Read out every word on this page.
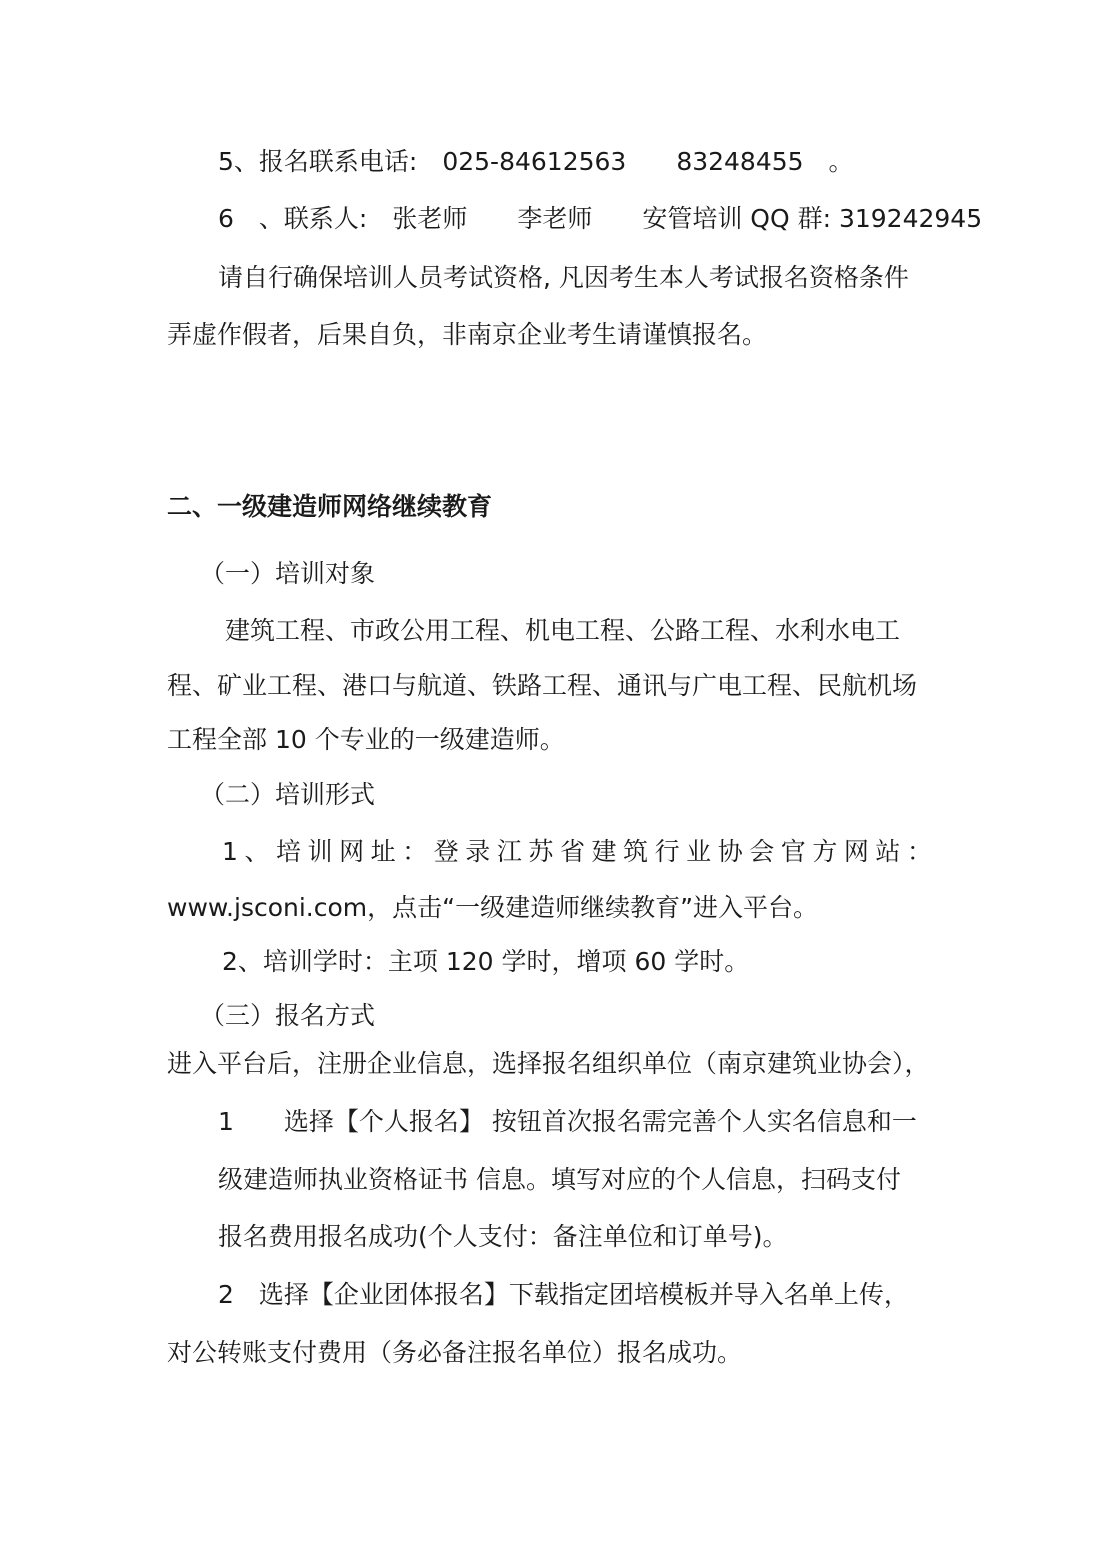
5、报名联系电话:　025-84612563　　83248455　。
6　、联系人:　张老师　　李老师　　安管培训 QQ 群: 319242945
请自行确保培训人员考试资格, 凡因考生本人考试报名资格条件
弄虚作假者，后果自负，非南京企业考生请谨慎报名。
二、一级建造师网络继续教育
（一）培训对象
建筑工程、市政公用工程、机电工程、公路工程、水利水电工
程、矿业工程、港口与航道、铁路工程、通讯与广电工程、民航机场
工程全部 10 个专业的一级建造师。
（二）培训形式
1、培训网址：登录江苏省建筑行业协会官方网站：
www.jsconi.com，点击“一级建造师继续教育”进入平台。
2、培训学时：主项 120 学时，增项 60 学时。
（三）报名方式
进入平台后，注册企业信息，选择报名组织单位（南京建筑业协会），
1　　选择【个人报名】 按钮首次报名需完善个人实名信息和一
级建造师执业资格证书 信息。填写对应的个人信息，扫码支付
报名费用报名成功(个人支付：备注单位和订单号)。
2　选择【企业团体报名】下载指定团培模板并导入名单上传，
对公转账支付费用（务必备注报名单位）报名成功。
